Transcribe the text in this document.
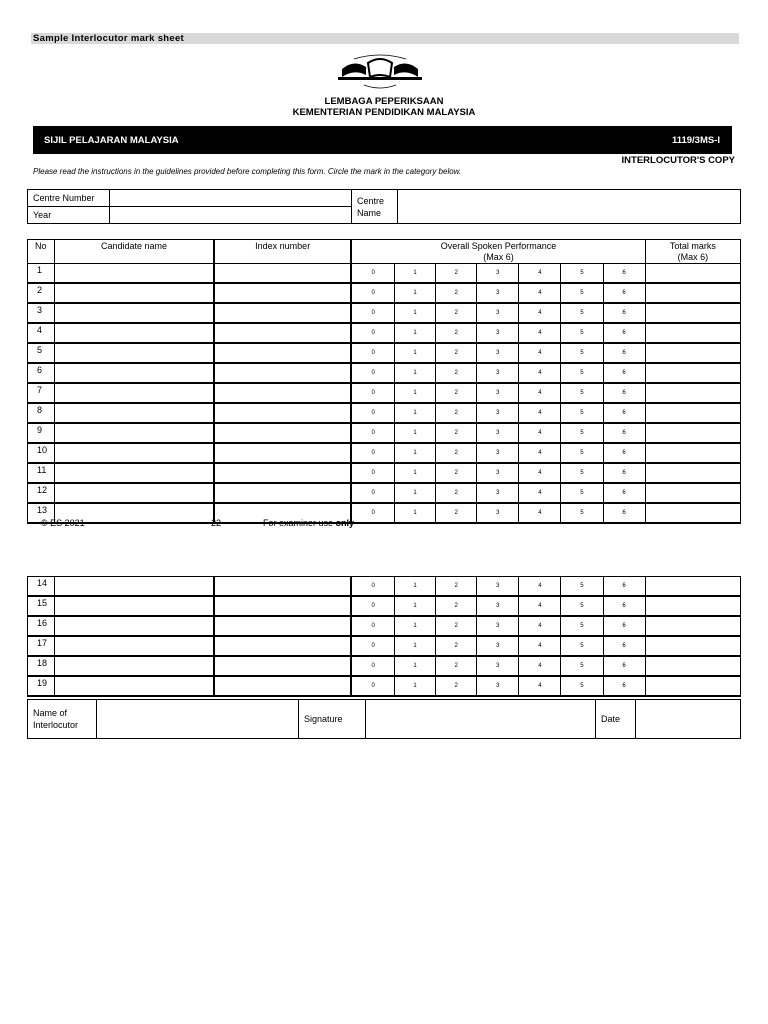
Sample Interlocutor mark sheet
LEMBAGA PEPERIKSAAN
KEMENTERIAN PENDIDIKAN MALAYSIA
SIJIL PELAJARAN MALAYSIA	1119/3MS-I
INTERLOCUTOR'S COPY
Please read the instructions in the guidelines provided before completing this form. Circle the mark in the category below.
Centre Number		Centre
Name	
Year			
No	Candidate name	Index number	Overall Spoken Performance
(Max 6)							Total marks
(Max 6)
1			0	1	2	3	4	5	6	
2			0	1	2	3	4	5	6	
3			0	1	2	3	4	5	6	
4			0	1	2	3	4	5	6	
5			0	1	2	3	4	5	6	
6			0	1	2	3	4	5	6	
7			0	1	2	3	4	5	6	
8			0	1	2	3	4	5	6	
9			0	1	2	3	4	5	6	
10			0	1	2	3	4	5	6	
11			0	1	2	3	4	5	6	
12			0	1	2	3	4	5	6	
13			0	1	2	3	4	5	6	
© ES 2021	22	For examiner use only
14			0	1	2	3	4	5	6	
15			0	1	2	3	4	5	6	
16			0	1	2	3	4	5	6	
17			0	1	2	3	4	5	6	
18			0	1	2	3	4	5	6	
19			0	1	2	3	4	5	6	
Name of
Interlocutor		Signature		Date	
